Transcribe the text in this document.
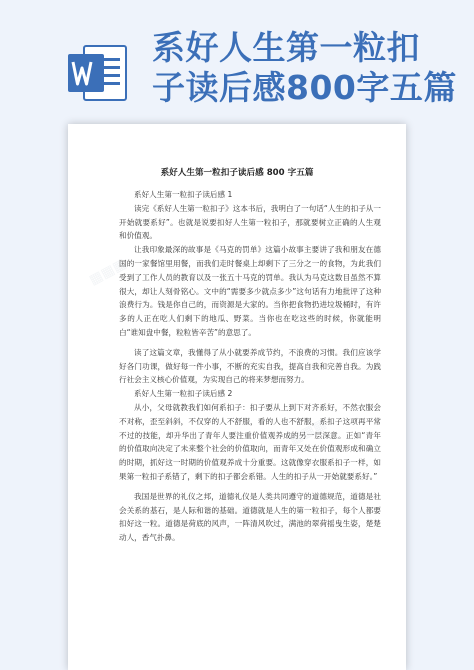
系好人生第一粒扣
子读后感800字五篇
▦▦▦
▦▦▦
系好人生第一粒扣子读后感 800 字五篇

系好人生第一粒扣子读后感 1

读完《系好人生第一粒扣子》这本书后，我明白了一句话“人生的扣子从一开始就要系好”。也就是说要扣好人生第一粒扣子，那就要树立正确的人生观和价值观。

让我印象最深的故事是《马克的罚单》这篇小故事主要讲了我和朋友在德国的一家餐馆里用餐，而我们走时餐桌上却剩下了三分之一的食物，为此我们受到了工作人员的教育以及一张五十马克的罚单。我认为马克这数目虽然不算很大，却让人刻骨铭心。文中的“需要多少就点多少”这句话有力地批评了这种浪费行为。钱是你自己的，而资源是大家的。当你把食物扔进垃圾桶时，有许多的人正在吃人们剩下的地瓜、野菜。当你也在吃这些的时候，你就能明白“谁知盘中餐，粒粒皆辛苦”的意思了。

读了这篇文章，我懂得了从小就要养成节约，不浪费的习惯。我们应该学好各门功课，做好每一件小事，不断的充实自我，提高自我和完善自我。为践行社会主义核心价值观，为实现自己的将来梦想而努力。

系好人生第一粒扣子读后感 2

从小，父母就教我们如何系扣子：扣子要从上到下对齐系好，不然衣服会不对称，歪至斜斜，不仅穿的人不舒服，看的人也不舒服，系扣子这项再平常不过的技能，却升华出了青年人要注重价值观养成的另一层深意。正如“青年的价值取向决定了未来整个社会的价值取向，而青年又处在价值观形成和确立的时期，抓好这一时期的价值观养成十分重要。这就像穿衣服系扣子一样，如果第一粒扣子系错了，剩下的扣子都会系错。人生的扣子从一开始就要系好。”

我国是世界的礼仪之邦，道德礼仪是人类共同遵守的道德规范，道德是社会关系的基石，是人际和谐的基础。道德就是人生的第一粒扣子，每个人都要扣好这一粒。道德是荷底的风声，一阵清风吹过，满池的翠荷摇曳生姿，楚楚动人，香气扑鼻。
